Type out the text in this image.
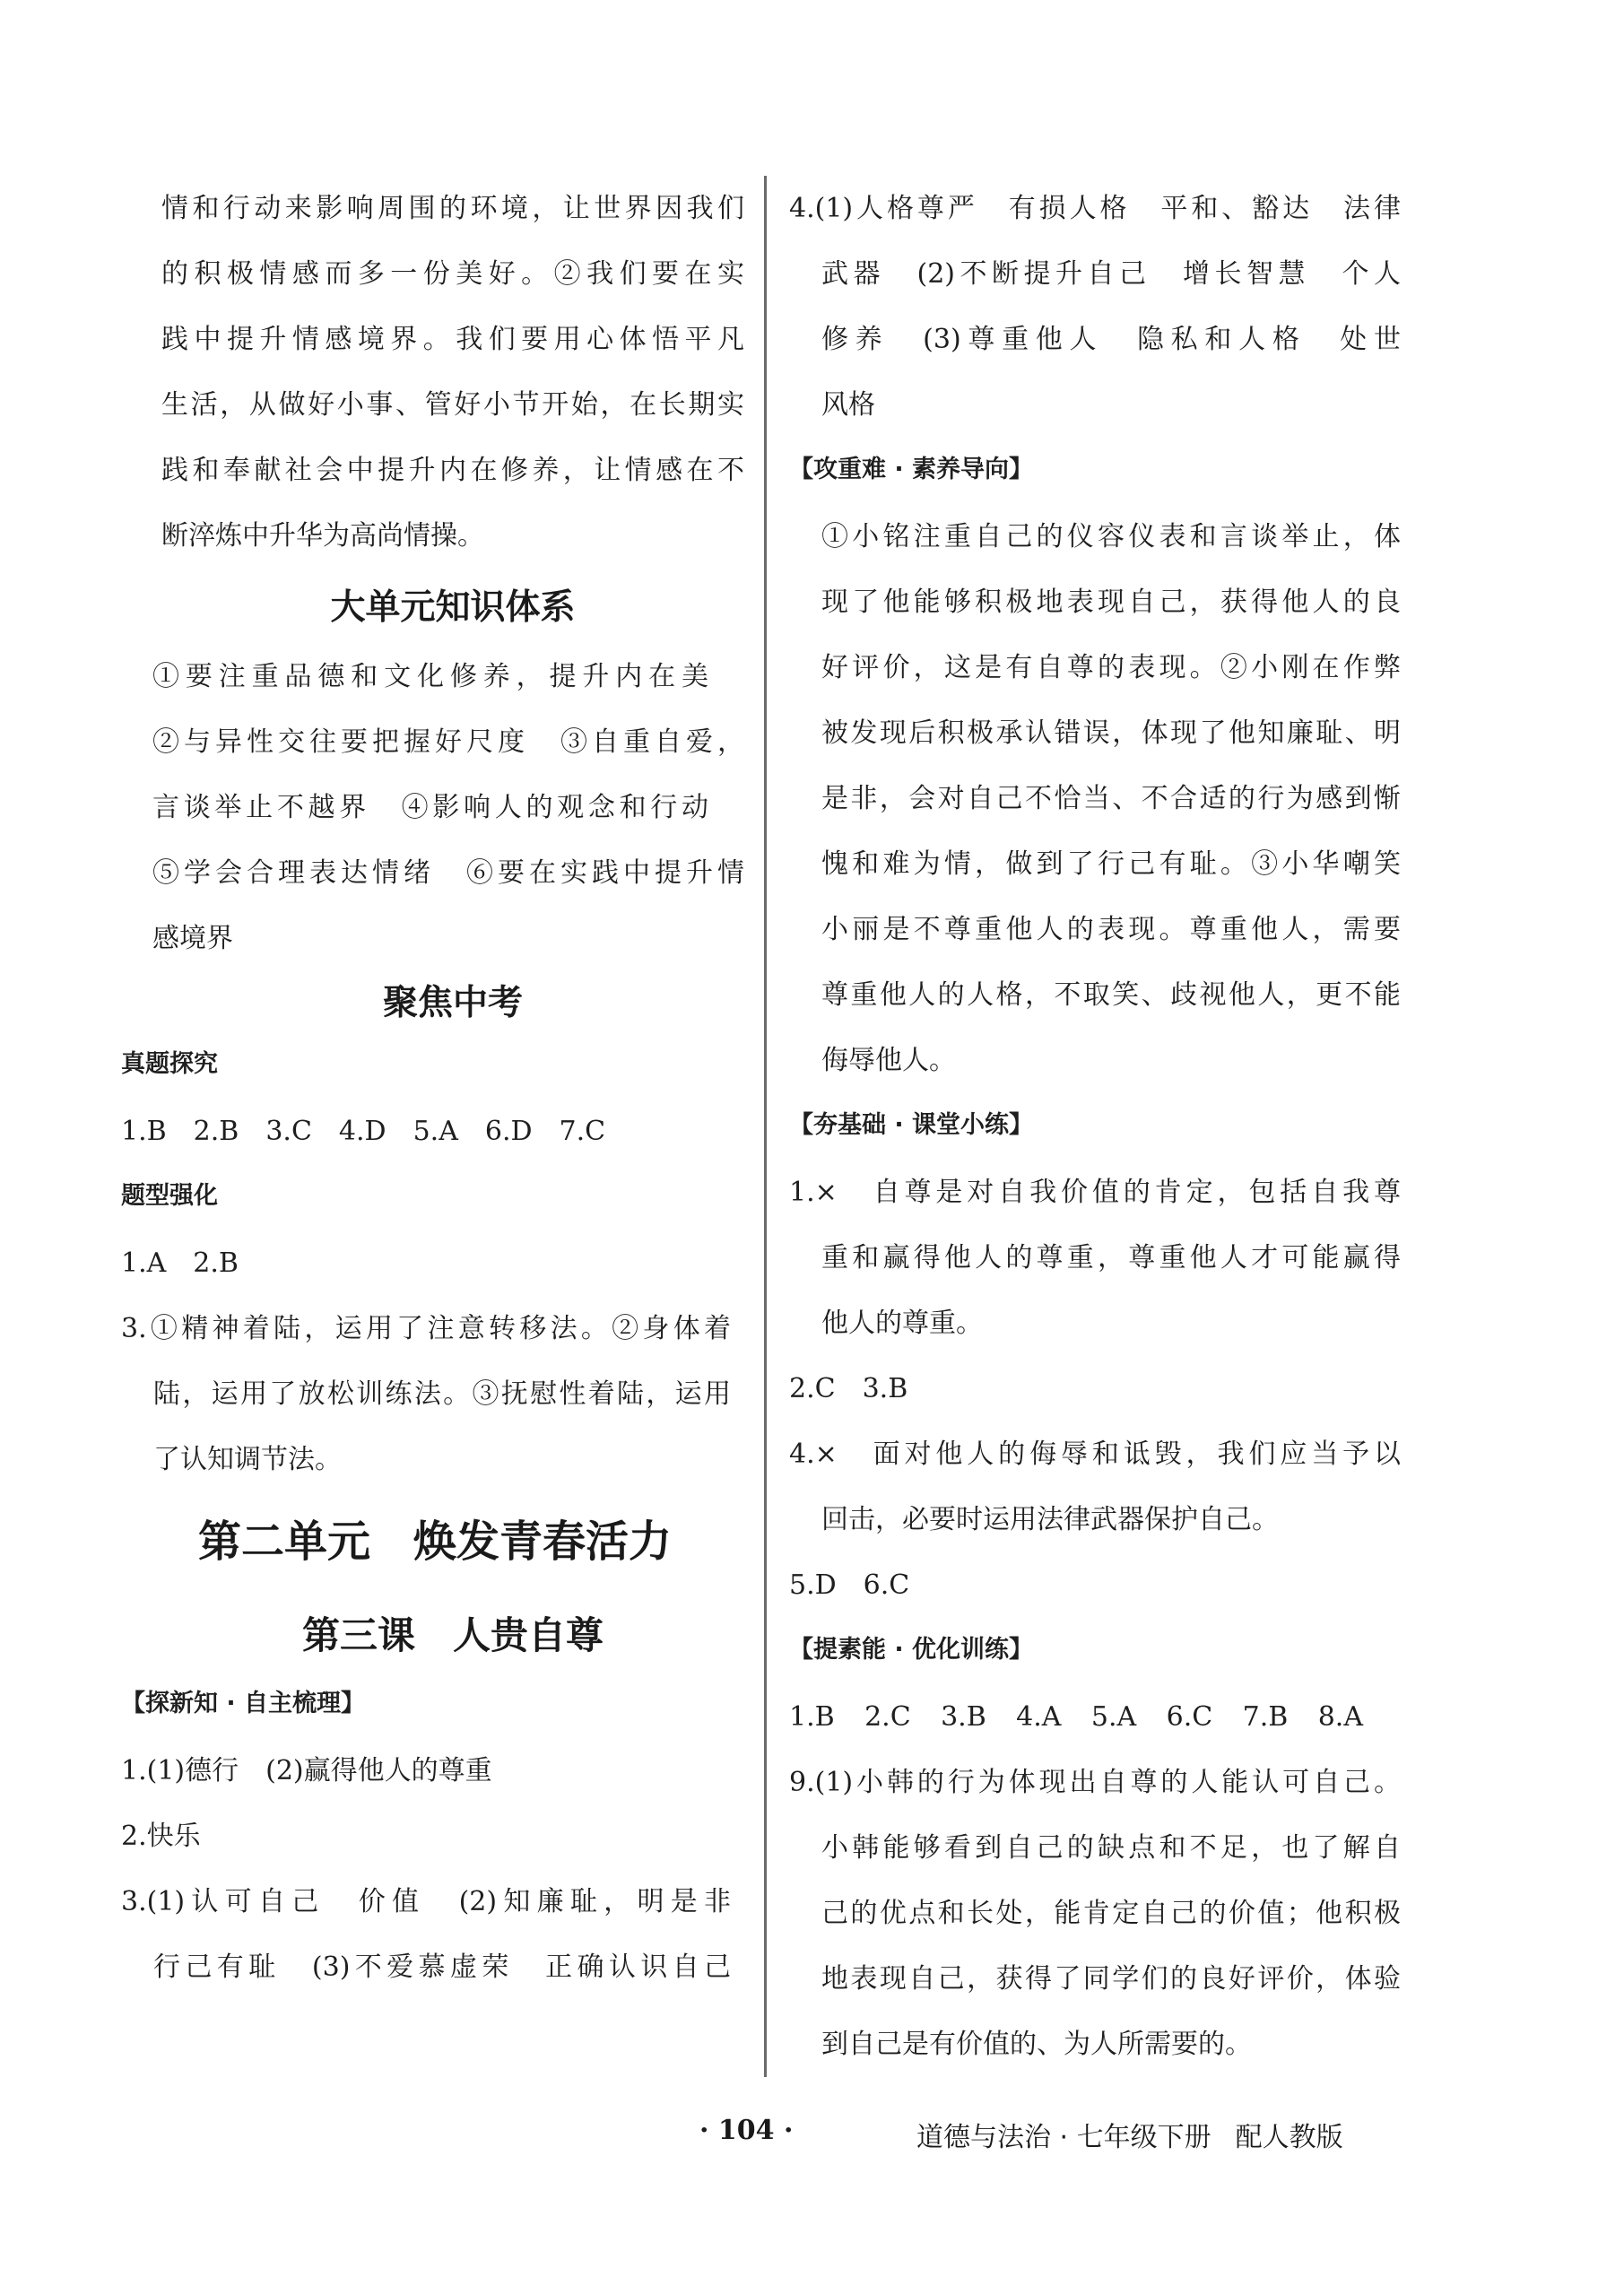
情和行动来影响周围的环境，让世界因我们

的积极情感而多一份美好。②我们要在实

践中提升情感境界。我们要用心体悟平凡

生活，从做好小事、管好小节开始，在长期实

践和奉献社会中提升内在修养，让情感在不

断淬炼中升华为高尚情操。

大单元知识体系

①要注重品德和文化修养，提升内在美

②与异性交往要把握好尺度　③自重自爱，

言谈举止不越界　④影响人的观念和行动

⑤学会合理表达情绪　⑥要在实践中提升情

感境界

聚焦中考
真题探究

1.B　2.B　3.C　4.D　5.A　6.D　7.C

题型强化

1.A　2.B

3.①精神着陆，运用了注意转移法。②身体着

陆，运用了放松训练法。③抚慰性着陆，运用

了认知调节法。

第二单元　焕发青春活力
第三课　人贵自尊
【探新知 · 自主梳理】

1.(1)德行　(2)赢得他人的尊重

2.快乐

3.(1)认可自己　价值　(2)知廉耻，明是非

行己有耻　(3)不爱慕虚荣　正确认识自己

4.(1)人格尊严　有损人格　平和、豁达　法律

武器　(2)不断提升自己　增长智慧　个人

修养　(3)尊重他人　隐私和人格　处世

风格

【攻重难 · 素养导向】

①小铭注重自己的仪容仪表和言谈举止，体

现了他能够积极地表现自己，获得他人的良

好评价，这是有自尊的表现。②小刚在作弊

被发现后积极承认错误，体现了他知廉耻、明

是非，会对自己不恰当、不合适的行为感到惭

愧和难为情，做到了行己有耻。③小华嘲笑

小丽是不尊重他人的表现。尊重他人，需要

尊重他人的人格，不取笑、歧视他人，更不能

侮辱他人。

【夯基础 · 课堂小练】

1.×　自尊是对自我价值的肯定，包括自我尊

重和赢得他人的尊重，尊重他人才可能赢得

他人的尊重。

2.C　3.B

4.×　面对他人的侮辱和诋毁，我们应当予以

回击，必要时运用法律武器保护自己。

5.D　6.C

【提素能 · 优化训练】

1.B　2.C　3.B　4.A　5.A　6.C　7.B　8.A

9.(1)小韩的行为体现出自尊的人能认可自己。

小韩能够看到自己的缺点和不足，也了解自

己的优点和长处，能肯定自己的价值；他积极

地表现自己，获得了同学们的良好评价，体验

到自己是有价值的、为人所需要的。

· 104 ·	道德与法治 · 七年级下册 配人教版
